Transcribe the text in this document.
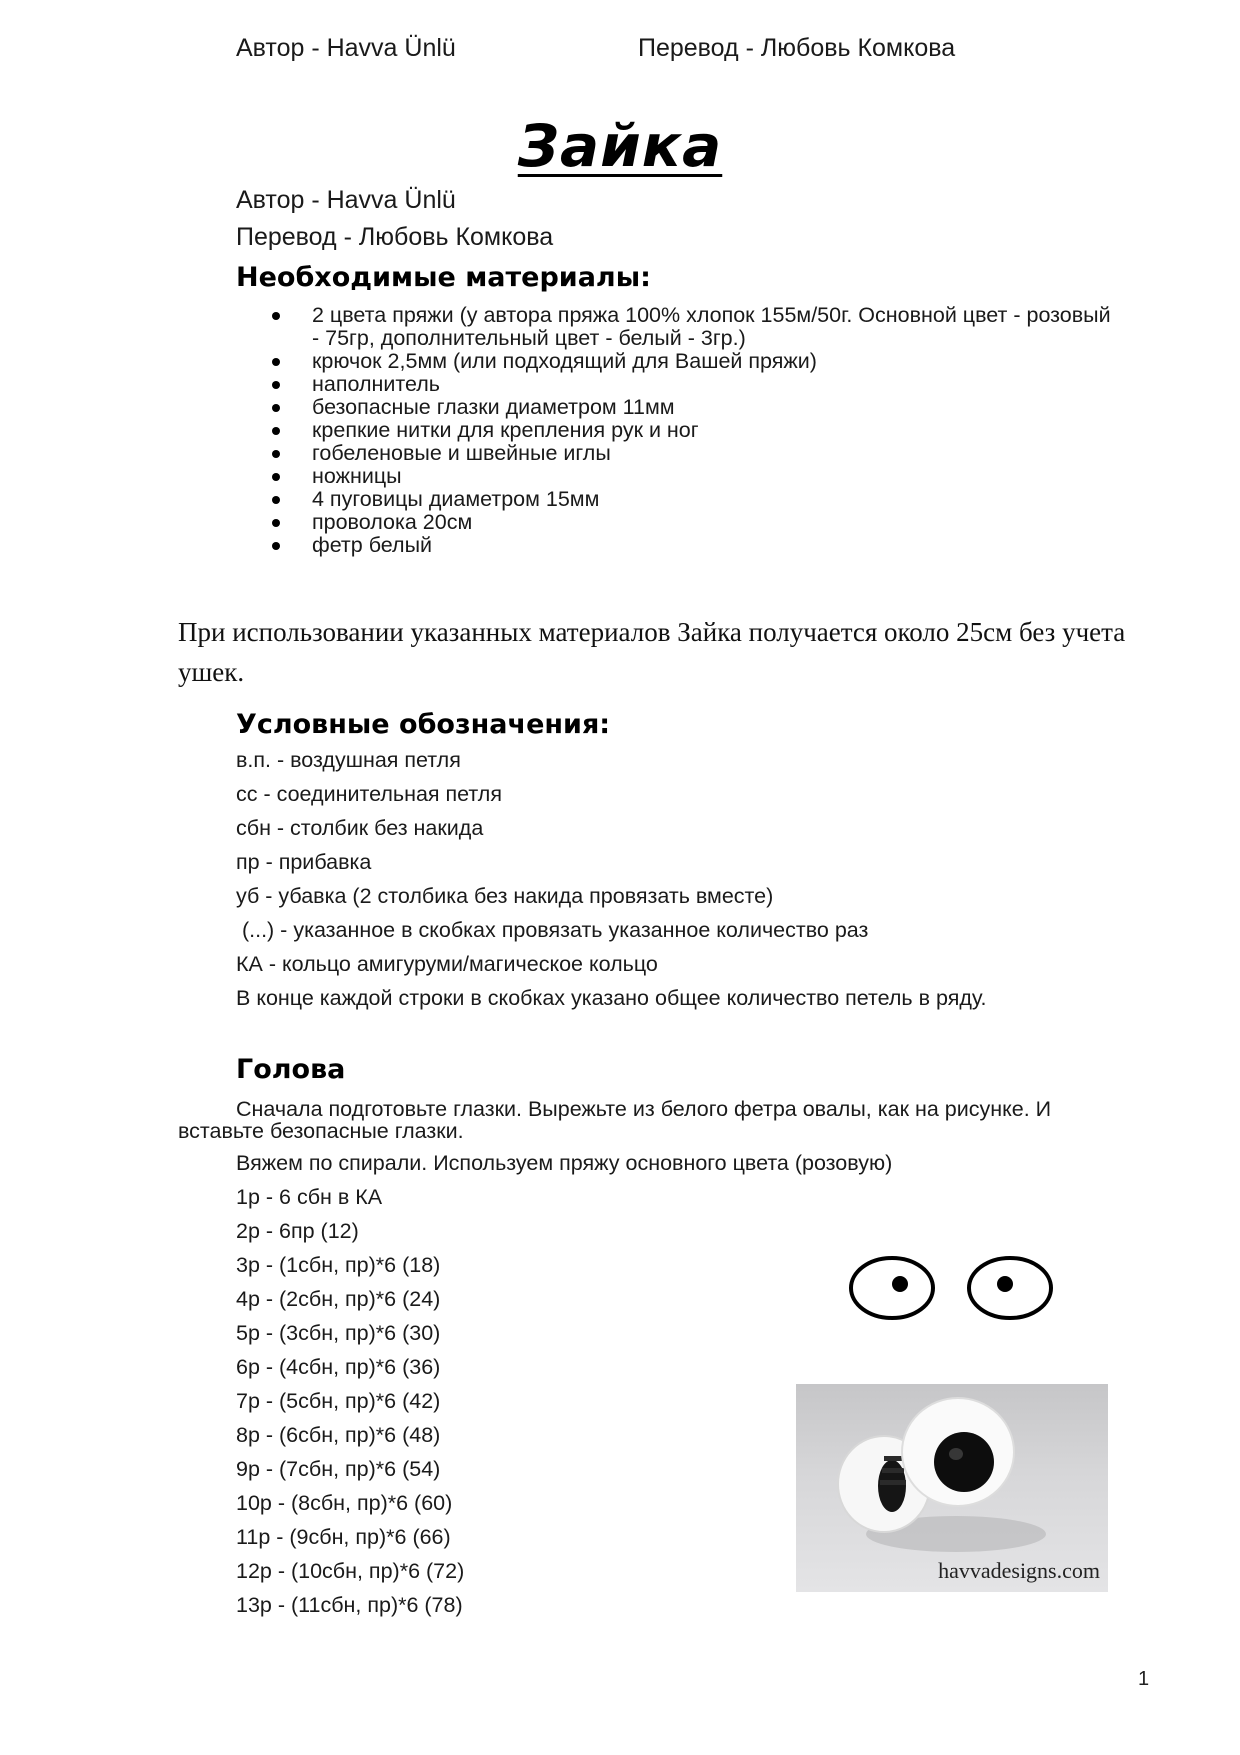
Автор - Havva Ünlü	Перевод - Любовь Комкова
Зайка
Автор - Havva Ünlü
Перевод - Любовь Комкова
Необходимые материалы:
2 цвета пряжи (у автора пряжа 100% хлопок 155м/50г. Основной цвет - розовый - 75гр, дополнительный цвет - белый - 3гр.)
крючок 2,5мм (или подходящий для Вашей пряжи)
наполнитель
безопасные глазки диаметром 11мм
крепкие нитки для крепления рук и ног
гобеленовые и швейные иглы
ножницы
4 пуговицы диаметром 15мм
проволока 20см
фетр белый

При использовании указанных материалов Зайка получается около 25см без учета ушек.

Условные обозначения:
в.п. - воздушная петля
сс - соединительная петля
сбн - столбик без накида
пр - прибавка
уб - убавка (2 столбика без накида провязать вместе)
(...) - указанное в скобках провязать указанное количество раз
КА - кольцо амигуруми/магическое кольцо
В конце каждой строки в скобках указано общее количество петель в ряду.
Голова

Сначала подготовьте глазки. Вырежьте из белого фетра овалы, как на рисунке. И вставьте безопасные глазки.

Вяжем по спирали. Используем пряжу основного цвета (розовую)
1р - 6 сбн в КА
2р - 6пр (12)
3р - (1сбн, пр)*6 (18)
4р - (2сбн, пр)*6 (24)
5р - (3сбн, пр)*6 (30)
6р - (4сбн, пр)*6 (36)
7р - (5сбн, пр)*6 (42)
8р - (6сбн, пр)*6 (48)
9р - (7сбн, пр)*6 (54)
10р - (8сбн, пр)*6 (60)
11р - (9сбн, пр)*6 (66)
12р - (10сбн, пр)*6 (72)
13р - (11сбн, пр)*6 (78)
havvadesigns.com
1
